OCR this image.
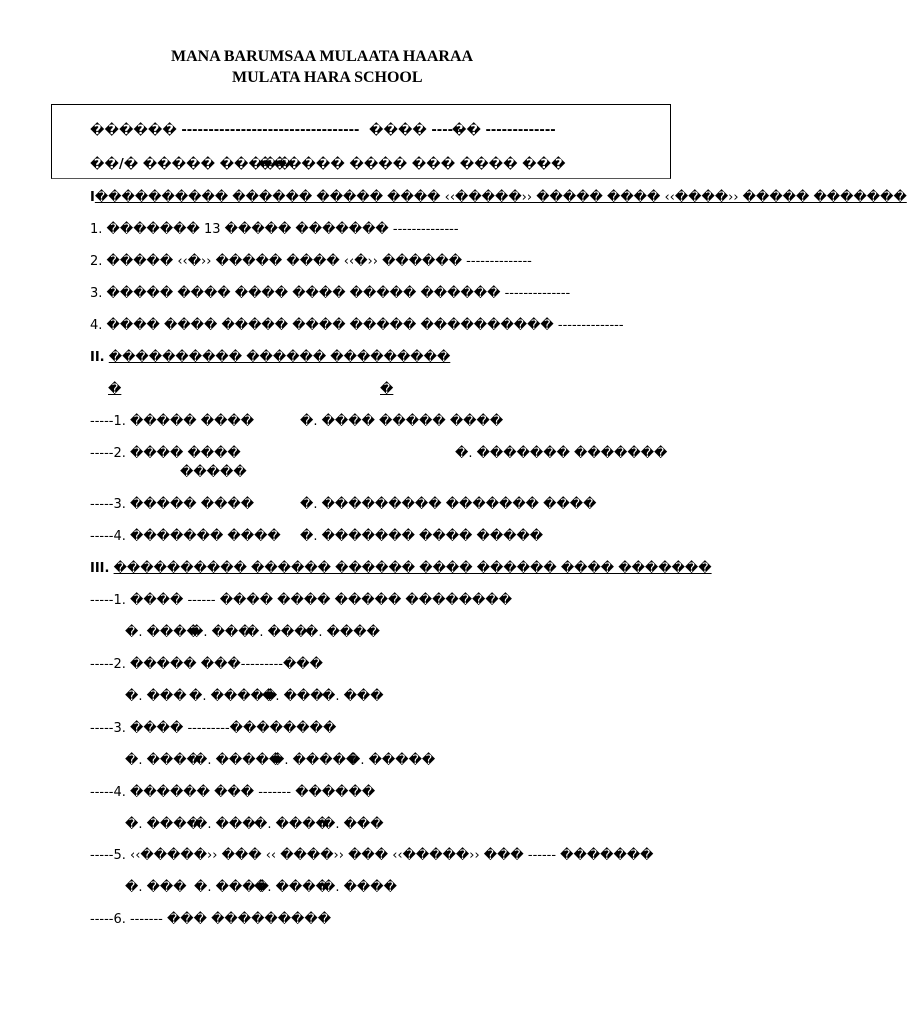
MANA BARUMSAA MULAATA HAARAA
MULATA HARA SCHOOL
������ --------------------------------- ���� ------
�� -------------
��/� ����� �����
������ ���� ��� ���� ���
I���������� ������ ����� ���� ‹‹�����›› ����� ���� ‹‹����›› ����� �������
1. ������� 13 ����� ������� --------------
2. ����� ‹‹�›› ����� ���� ‹‹�›› ������ --------------
3. ����� ���� ���� ���� ����� ������ --------------
4. ���� ���� ����� ���� ����� ���������� --------------
II. ���������� ������ ���������
�	�
-----1. ����� ����	�. ���� ����� ����
-----2. ���� ����	�. ������� �������
�����
-----3. ����� ����	�. ��������� ������� ����
-----4. ������� ���� �. ������� ���� �����
III. ���������� ������ ������ ���� ������ ���� �������
-----1. ���� ------ ���� ���� ����� ��������
�. ����
�. ���
�. ���
�. ����
-----2. ����� ���---------���
�. ��� �. �����
�. ���
�. ���
-----3. ���� ---------��������
�. ����
�. �����
�. �����
�. �����
-----4. ������ ��� ------- ������
�. ����
�. ���
�. ����
�. ���
-----5. ‹‹�����›› ��� ‹‹ ����›› ��� ‹‹�����›› ��� ------ �������
�. ��� �. ����
�. ����
�. ����
-----6. ------- ��� ���������
